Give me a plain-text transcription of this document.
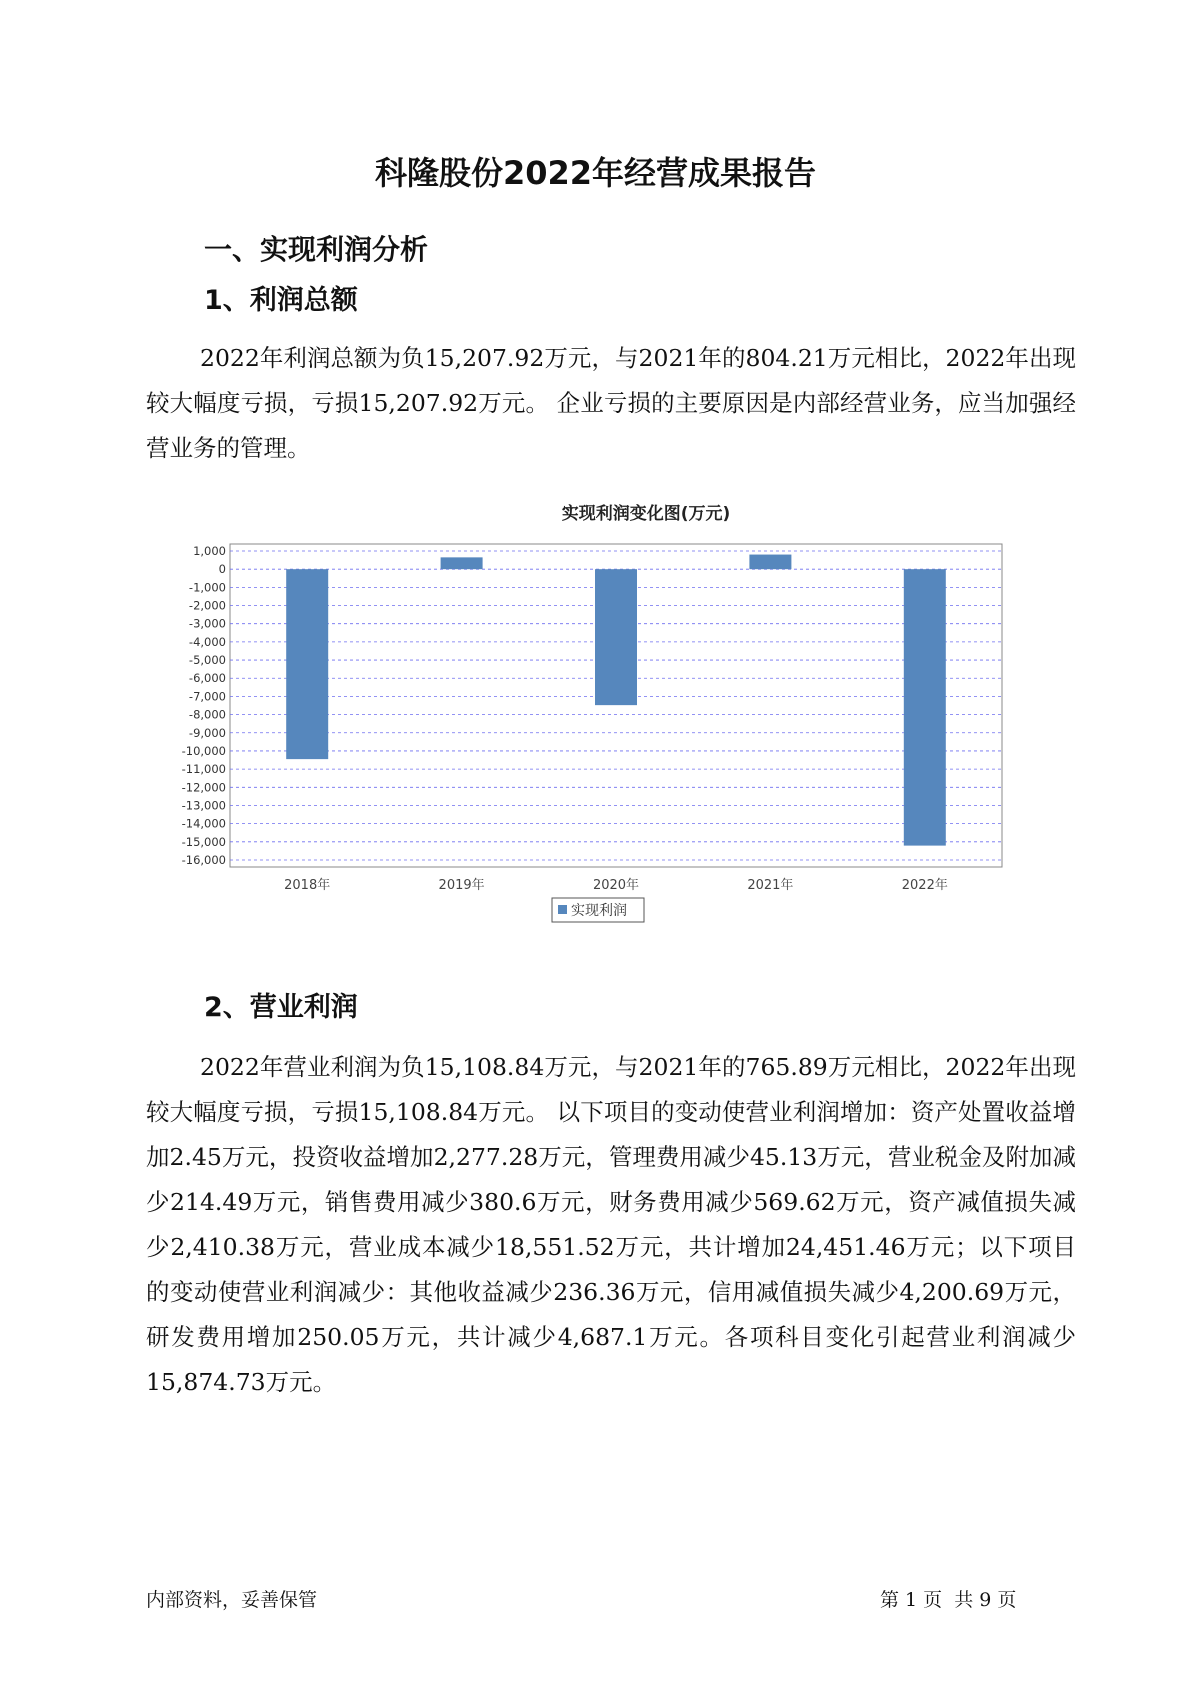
科隆股份2022年经营成果报告
一、实现利润分析
1、利润总额

2022年利润总额为负15,207.92万元，与2021年的804.21万元相比，2022年出现较大幅度亏损，亏损15,207.92万元。 企业亏损的主要原因是内部经营业务，应当加强经营业务的管理。

实现利润变化图(万元)
1,000
0
-1,000
-2,000
-3,000
-4,000
-5,000
-6,000
-7,000
-8,000
-9,000
-10,000
-11,000
-12,000
-13,000
-14,000
-15,000
-16,000
2018年	2019年	2020年	2021年	2022年
实现利润
2、营业利润

2022年营业利润为负15,108.84万元，与2021年的765.89万元相比，2022年出现较大幅度亏损，亏损15,108.84万元。 以下项目的变动使营业利润增加：资产处置收益增加2.45万元，投资收益增加2,277.28万元，管理费用减少45.13万元，营业税金及附加减少214.49万元，销售费用减少380.6万元，财务费用减少569.62万元，资产减值损失减少2,410.38万元，营业成本减少18,551.52万元，共计增加24,451.46万元；以下项目的变动使营业利润减少：其他收益减少236.36万元，信用减值损失减少4,200.69万元，研发费用增加250.05万元，共计减少4,687.1万元。各项科目变化引起营业利润减少15,874.73万元。

内部资料，妥善保管	第 1 页  共 9 页
